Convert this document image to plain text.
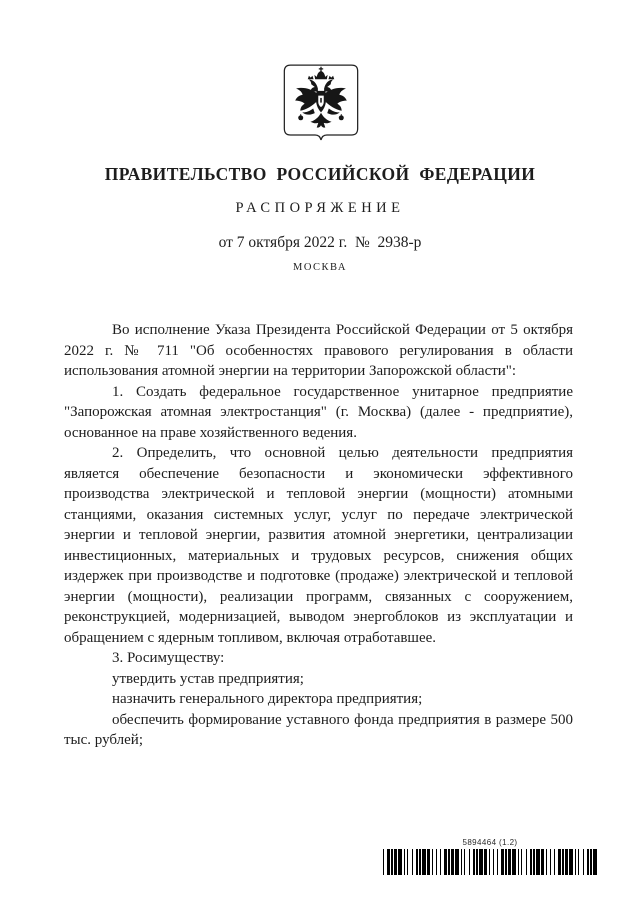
ПРАВИТЕЛЬСТВО РОССИЙСКОЙ ФЕДЕРАЦИИ
РАСПОРЯЖЕНИЕ
от 7 октября 2022 г.  №  2938-р
МОСКВА

Во исполнение Указа Президента Российской Федерации от 5 октября 2022 г. № 711 "Об особенностях правового регулирования в области использования атомной энергии на территории Запорожской области":

1. Создать федеральное государственное унитарное предприятие "Запорожская атомная электростанция" (г. Москва) (далее - предприятие), основанное на праве хозяйственного ведения.

2. Определить, что основной целью деятельности предприятия является обеспечение безопасности и экономически эффективного производства электрической и тепловой энергии (мощности) атомными станциями, оказания системных услуг, услуг по передаче электрической энергии и тепловой энергии, развития атомной энергетики, централизации инвестиционных, материальных и трудовых ресурсов, снижения общих издержек при производстве и подготовке (продаже) электрической и тепловой энергии (мощности), реализации программ, связанных с сооружением, реконструкцией, модернизацией, выводом энергоблоков из эксплуатации и обращением с ядерным топливом, включая отработавшее.

3. Росимуществу:

утвердить устав предприятия;

назначить генерального директора предприятия;

обеспечить формирование уставного фонда предприятия в размере 500 тыс. рублей;

5894464 (1.2)
